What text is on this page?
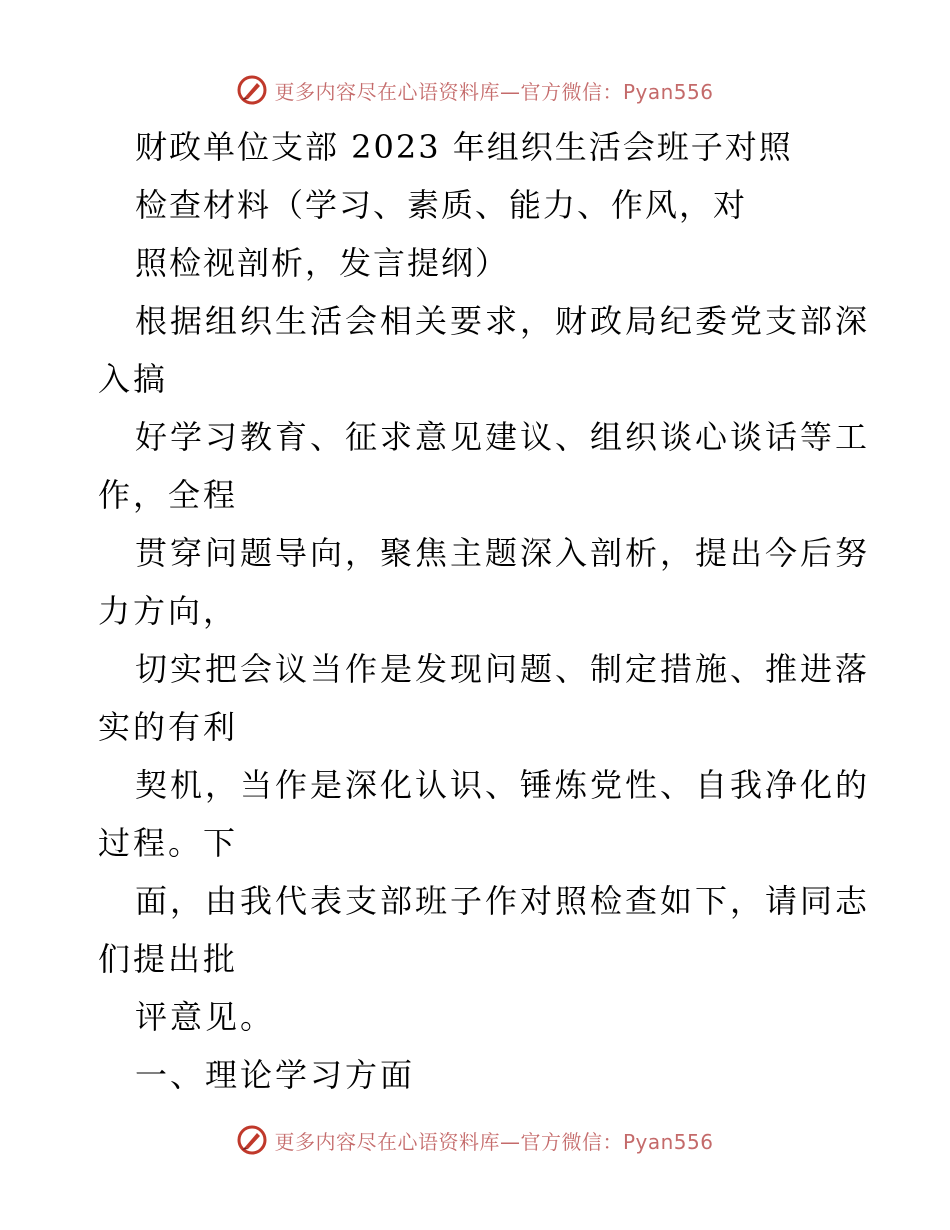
更多内容尽在心语资料库—官方微信：Pyan556
财政单位支部 2023 年组织生活会班子对照
检查材料（学习、素质、能力、作风，对
照检视剖析，发言提纲）
根据组织生活会相关要求，财政局纪委党支部深
入搞
好学习教育、征求意见建议、组织谈心谈话等工
作，全程
贯穿问题导向，聚焦主题深入剖析，提出今后努
力方向，
切实把会议当作是发现问题、制定措施、推进落
实的有利
契机，当作是深化认识、锤炼党性、自我净化的
过程。下
面，由我代表支部班子作对照检查如下，请同志
们提出批
评意见。
一、理论学习方面
更多内容尽在心语资料库—官方微信：Pyan556
